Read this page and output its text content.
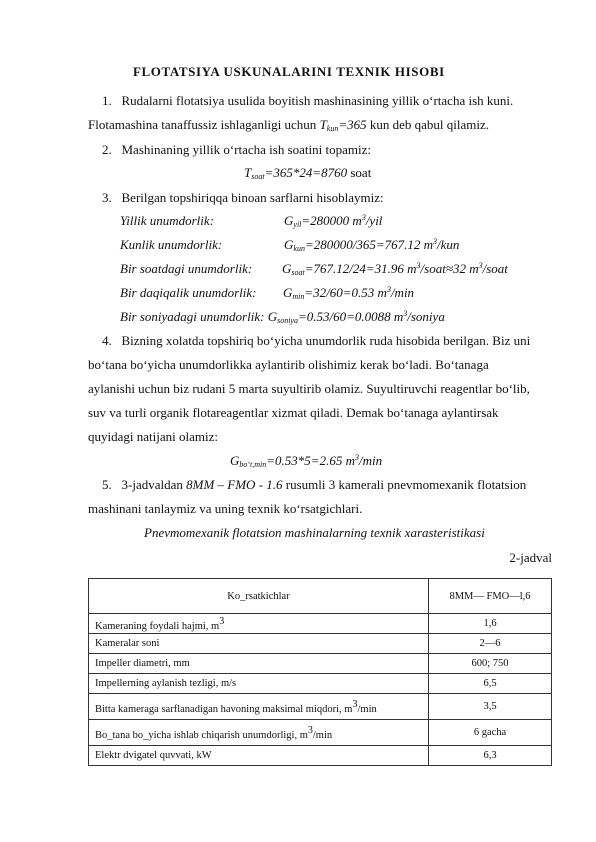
FLOTATSIYA USKUNALARINI TEXNIK HISOBI
1. Rudalarni flotatsiya usulida boyitish mashinasining yillik o‘rtacha ish kuni.
Flotamashina tanaffussiz ishlaganligi uchun $T_{kun}=365$ kun deb qabul qilamiz.
2. Mashinaning yillik o‘rtacha ish soatini topamiz:
$T_{soat}=365*24=8760$ soat
3. Berilgan topshiriqqa binoan sarflarni hisoblaymiz:
Yillik unumdorlik:	$G_{yil}=280000$ $m^3$/yil
Kunlik unumdorlik:	$G_{kun}=280000/365=767.12$ $m^3$/kun
Bir soatdagi unumdorlik: $G_{soat}=767.12/24=31.96$ $m^3/soat\approx 32$ $m^3$/soat
Bir daqiqalik unumdorlik: $G_{min}=32/60=0.53$ $m^3/\min$
Bir soniyadagi unumdorlik: $G_{soniya}=0.53/60=0.0088$ $m^3$/soniya
4. Bizning xolatda topshiriq bo‘yicha unumdorlik ruda hisobida berilgan. Biz uni
bo‘tana bo‘yicha unumdorlikka aylantirib olishimiz kerak bo‘ladi. Bo‘tanaga
aylanishi uchun biz rudani 5 marta suyultirib olamiz. Suyultiruvchi reagentlar bo‘lib,
suv va turli organik flotareagentlar xizmat qiladi. Demak bo‘tanaga aylantirsak
quyidagi natijani olamiz:
$G_{bo‘t,min}=0.53*5=2.65$ $m^3/\min$
5. 3-jadvaldan 8MM – FMO - 1.6 rusumli 3 kamerali pnevmomexanik flotatsion
mashinani tanlaymiz va uning texnik ko‘rsatgichlari.
Pnevmomexanik flotatsion mashinalarning texnik xarasteristikasi
2-jadval
Ko_rsatkichlar	8MM— FMO—l,6
Kameraning foydali hajmi, m3	1,6
Kameralar soni	2—6
Impeller diametri, mm	600; 750
Impellerning aylanish tezligi, m/s	6,5
Bitta kameraga sarflanadigan havoning maksimal miqdori, m3/min	3,5
Bo_tana bo_yicha ishlab chiqarish unumdorligi, m3/min	6 gacha
Elektr dvigatel quvvati, kW	6,3
